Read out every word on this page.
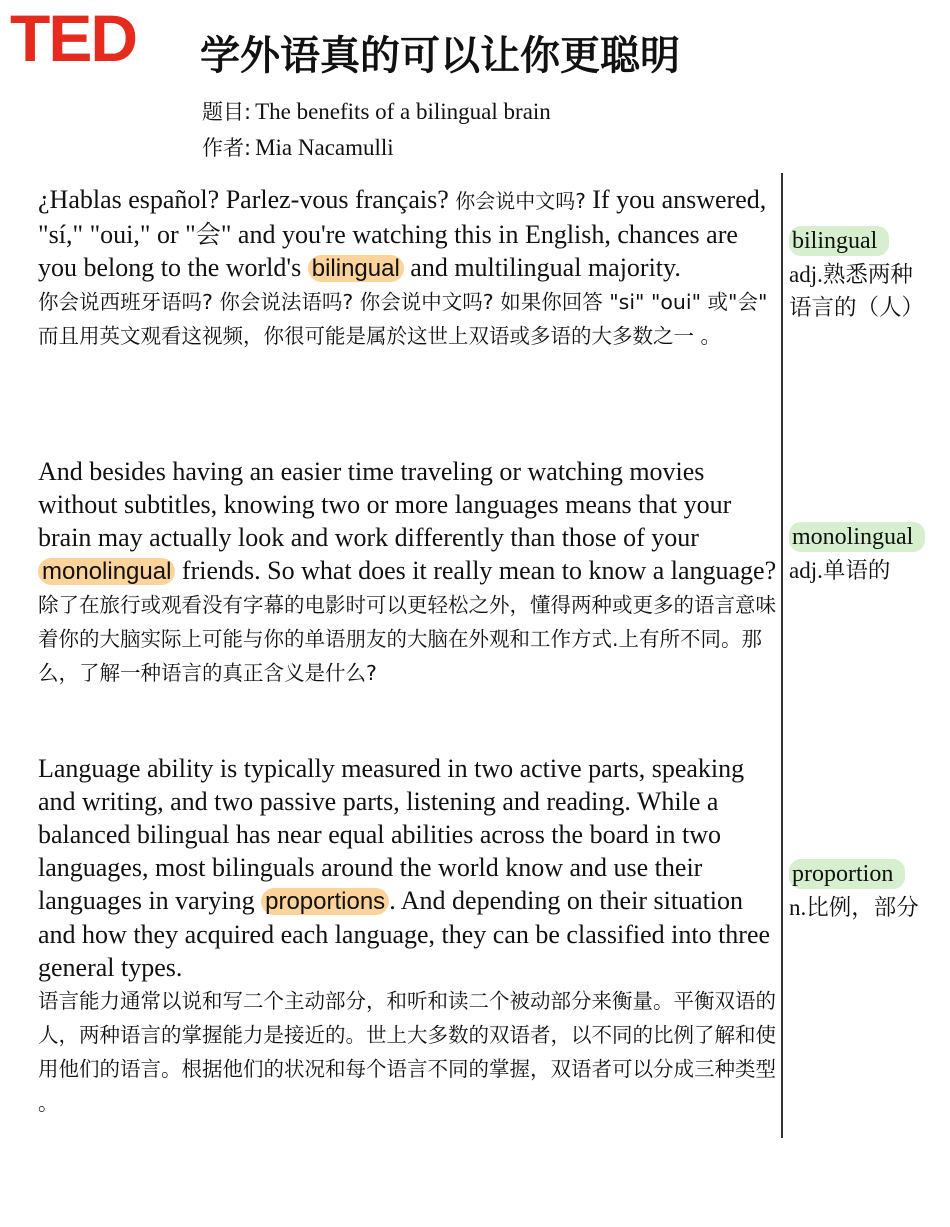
TED 学外语真的可以让你更聪明
题目: The benefits of a bilingual brain
作者: Mia Nacamulli

¿Hablas español? Parlez-vous français? 你会说中文吗? If you answered, "sí," "oui," or "会" and you're watching this in English, chances are you belong to the world's bilingual and multilingual majority.

你会说西班牙语吗? 你会说法语吗? 你会说中文吗? 如果你回答 "si" "oui" 或"会" 而且用英文观看这视频，你很可能是属於这世上双语或多语的大多数之一 。

And besides having an easier time traveling or watching movies without subtitles, knowing two or more languages means that your brain may actually look and work differently than those of your monolingual friends. So what does it really mean to know a language?

除了在旅行或观看没有字幕的电影时可以更轻松之外，懂得两种或更多的语言意味着你的大脑实际上可能与你的单语朋友的大脑在外观和工作方式.上有所不同。那么，了解一种语言的真正含义是什么?

Language ability is typically measured in two active parts, speaking and writing, and two passive parts, listening and reading. While a balanced bilingual has near equal abilities across the board in two languages, most bilinguals around the world know and use their languages in varying proportions . And depending on their situation and how they acquired each language, they can be classified into three general types.

语言能力通常以说和写二个主动部分，和听和读二个被动部分来衡量。平衡双语的人，两种语言的掌握能力是接近的。世上大多数的双语者，以不同的比例了解和使用他们的语言。根据他们的状况和每个语言不同的掌握，双语者可以分成三种类型 。

bilingual
adj.熟悉两种
语言的（人）
monolingual
adj.单语的
proportion
n.比例，部分
